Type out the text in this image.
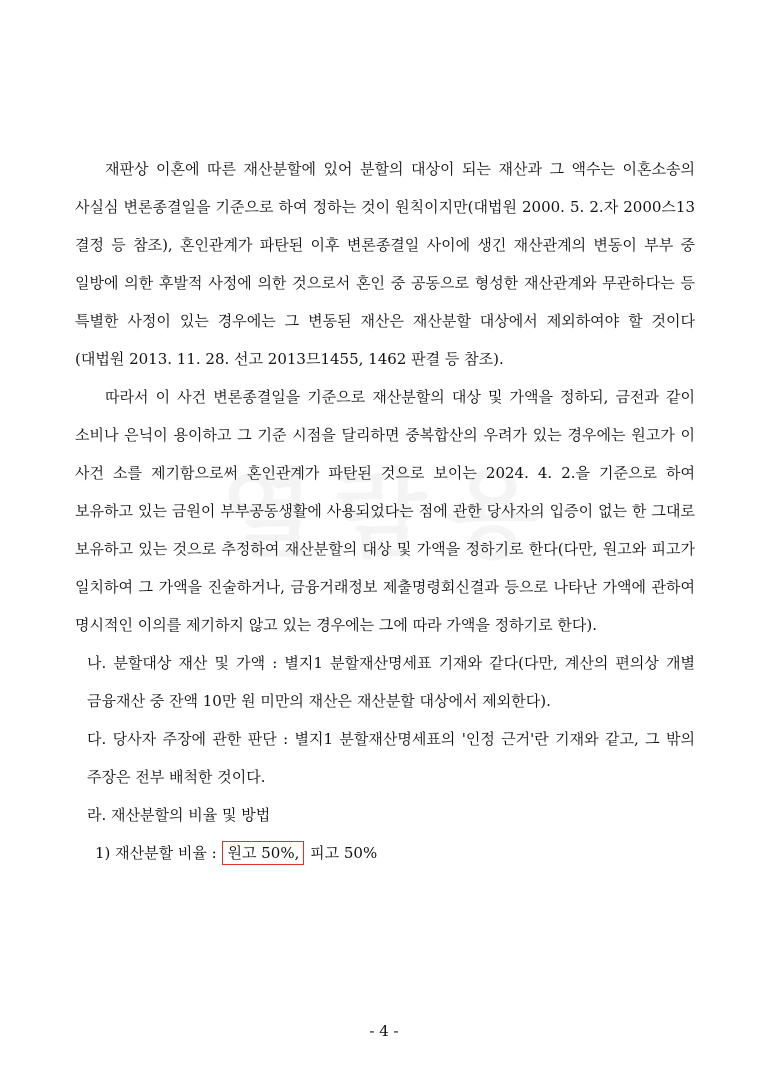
재판상 이혼에 따른 재산분할에 있어 분할의 대상이 되는 재산과 그 액수는 이혼소송의 사실심 변론종결일을 기준으로 하여 정하는 것이 원칙이지만(대법원 2000. 5. 2.자 2000스13 결정 등 참조), 혼인관계가 파탄된 이후 변론종결일 사이에 생긴 재산관계의 변동이 부부 중 일방에 의한 후발적 사정에 의한 것으로서 혼인 중 공동으로 형성한 재산관계와 무관하다는 등 특별한 사정이 있는 경우에는 그 변동된 재산은 재산분할 대상에서 제외하여야 할 것이다(대법원 2013. 11. 28. 선고 2013므1455, 1462 판결 등 참조).

따라서 이 사건 변론종결일을 기준으로 재산분할의 대상 및 가액을 정하되, 금전과 같이 소비나 은닉이 용이하고 그 기준 시점을 달리하면 중복합산의 우려가 있는 경우에는 원고가 이 사건 소를 제기함으로써 혼인관계가 파탄된 것으로 보이는 2024. 4. 2.을 기준으로 하여 보유하고 있는 금원이 부부공동생활에 사용되었다는 점에 관한 당사자의 입증이 없는 한 그대로 보유하고 있는 것으로 추정하여 재산분할의 대상 및 가액을 정하기로 한다(다만, 원고와 피고가 일치하여 그 가액을 진술하거나, 금융거래정보 제출명령회신결과 등으로 나타난 가액에 관하여 명시적인 이의를 제기하지 않고 있는 경우에는 그에 따라 가액을 정하기로 한다).

나. 분할대상 재산 및 가액 : 별지1 분할재산명세표 기재와 같다(다만, 계산의 편의상 개별 금융재산 중 잔액 10만 원 미만의 재산은 재산분할 대상에서 제외한다).

다. 당사자 주장에 관한 판단 : 별지1 분할재산명세표의 '인정 근거'란 기재와 같고, 그 밖의 주장은 전부 배척한 것이다.

라. 재산분할의 비율 및 방법

1) 재산분할 비율 : 원고 50%, 피고 50%

- 4 -
